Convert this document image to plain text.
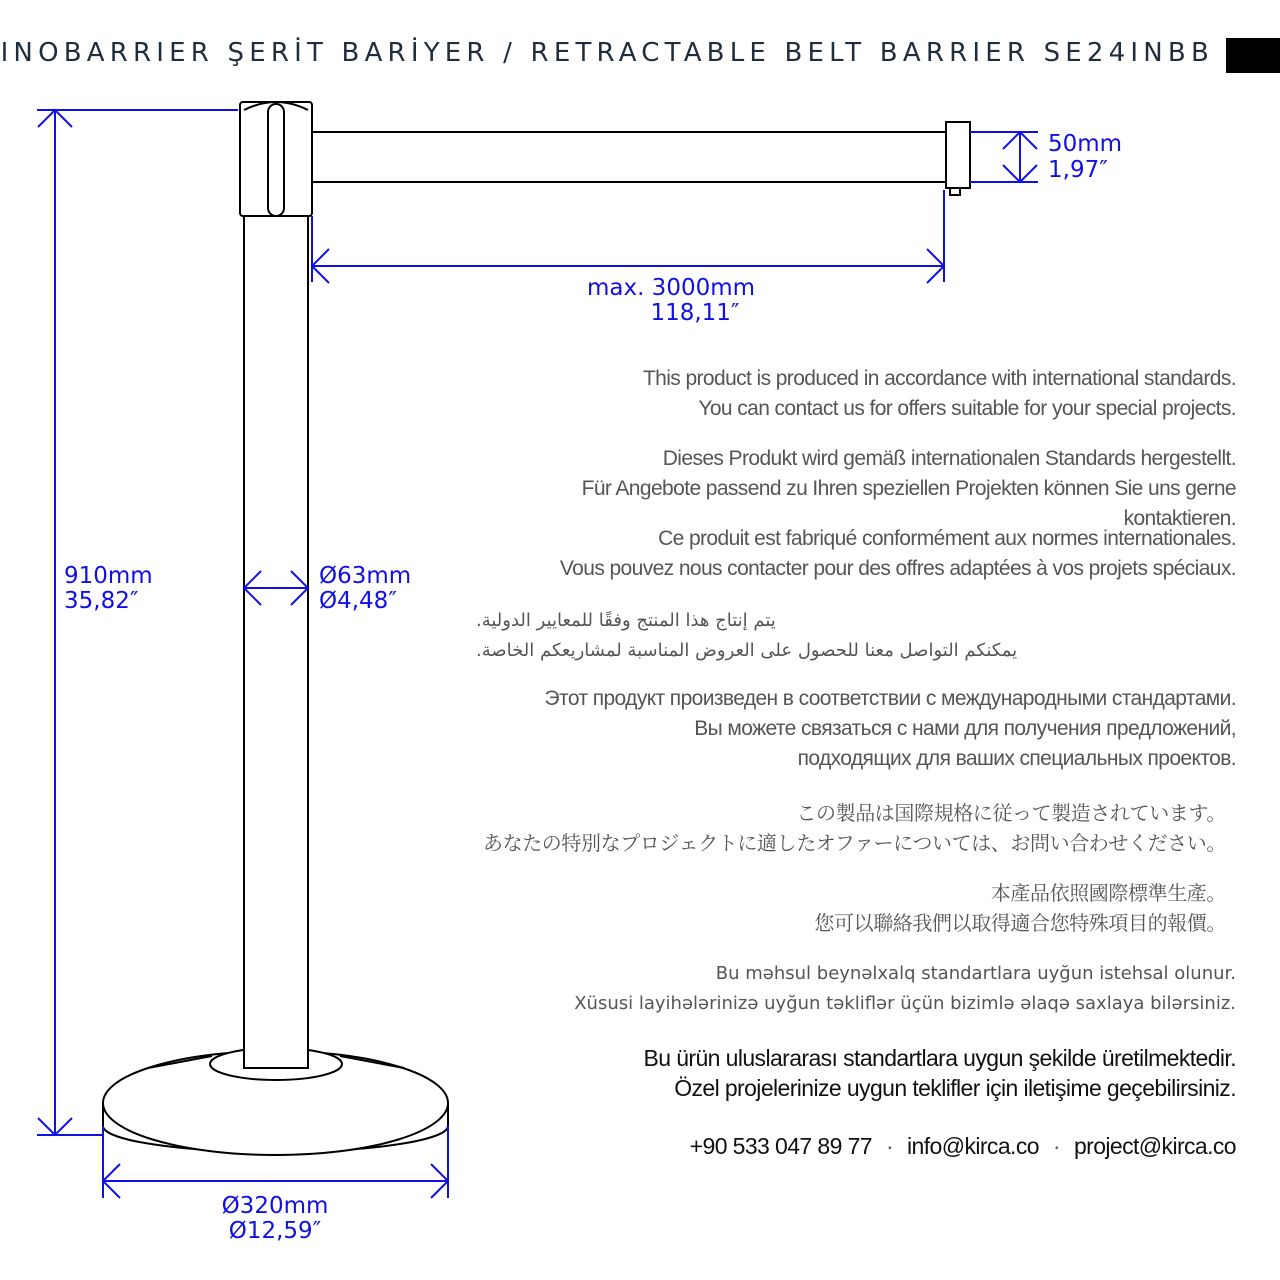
INOBARRIER ŞERİT BARİYER / RETRACTABLE BELT BARRIER SE24INBB
50mm
1,97″
max. 3000mm
118,11″
910mm
35,82″
Ø63mm
Ø4,48″
Ø320mm
Ø12,59″

This product is produced in accordance with international standards.

You can contact us for offers suitable for your special projects.

Dieses Produkt wird gemäß internationalen Standards hergestellt.

Für Angebote passend zu Ihren speziellen Projekten können Sie uns gerne kontaktieren.

Ce produit est fabriqué conformément aux normes internationales.

Vous pouvez nous contacter pour des offres adaptées à vos projets spéciaux.

يتم إنتاج هذا المنتج وفقًا للمعايير الدولية.

يمكنكم التواصل معنا للحصول على العروض المناسبة لمشاريعكم الخاصة.

Этот продукт произведен в соответствии с международными стандартами.

Вы можете связаться с нами для получения предложений,

подходящих для ваших специальных проектов.

この製品は国際規格に従って製造されています。

あなたの特別なプロジェクトに適したオファーについては、お問い合わせください。

本產品依照國際標準生產。

您可以聯絡我們以取得適合您特殊項目的報價。

Bu məhsul beynəlxalq standartlara uyğun istehsal olunur.

Xüsusi layihələrinizə uyğun təkliflər üçün bizimlə əlaqə saxlaya bilərsiniz.

Bu ürün uluslararası standartlara uygun şekilde üretilmektedir.

Özel projelerinize uygun teklifler için iletişime geçebilirsiniz.

+90 533 047 89 77 · info@kirca.co · project@kirca.co
